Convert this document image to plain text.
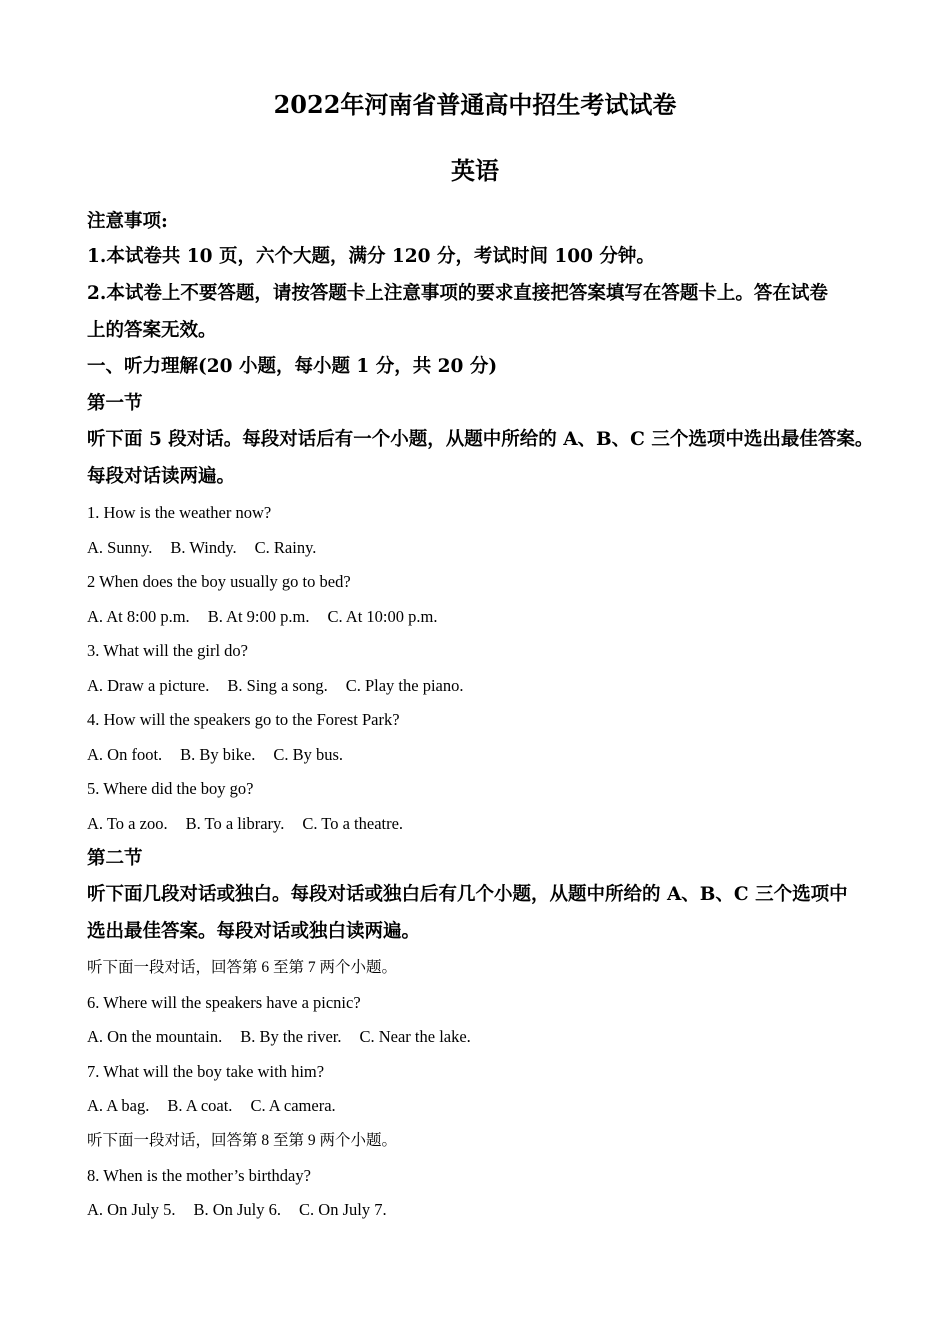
2022年河南省普通高中招生考试试卷
英语
注意事项:
1.本试卷共 10 页，六个大题，满分 120 分，考试时间 100 分钟。
2.本试卷上不要答题，请按答题卡上注意事项的要求直接把答案填写在答题卡上。答在试卷
上的答案无效。
一、听力理解(20 小题，每小题 1 分，共 20 分)
第一节
听下面 5 段对话。每段对话后有一个小题，从题中所给的 A、B、C 三个选项中选出最佳答案。
每段对话读两遍。
1. How is the weather now?
A. Sunny. B. Windy. C. Rainy.
2 When does the boy usually go to bed?
A. At 8:00 p.m. B. At 9:00 p.m. C. At 10:00 p.m.
3. What will the girl do?
A. Draw a picture. B. Sing a song. C. Play the piano.
4. How will the speakers go to the Forest Park?
A. On foot. B. By bike. C. By bus.
5. Where did the boy go?
A. To a zoo. B. To a library. C. To a theatre.
第二节
听下面几段对话或独白。每段对话或独白后有几个小题，从题中所给的 A、B、C 三个选项中
选出最佳答案。每段对话或独白读两遍。
听下面一段对话，回答第 6 至第 7 两个小题。
6. Where will the speakers have a picnic?
A. On the mountain. B. By the river. C. Near the lake.
7. What will the boy take with him?
A. A bag. B. A coat. C. A camera.
听下面一段对话，回答第 8 至第 9 两个小题。
8. When is the mother’s birthday?
A. On July 5. B. On July 6. C. On July 7.
